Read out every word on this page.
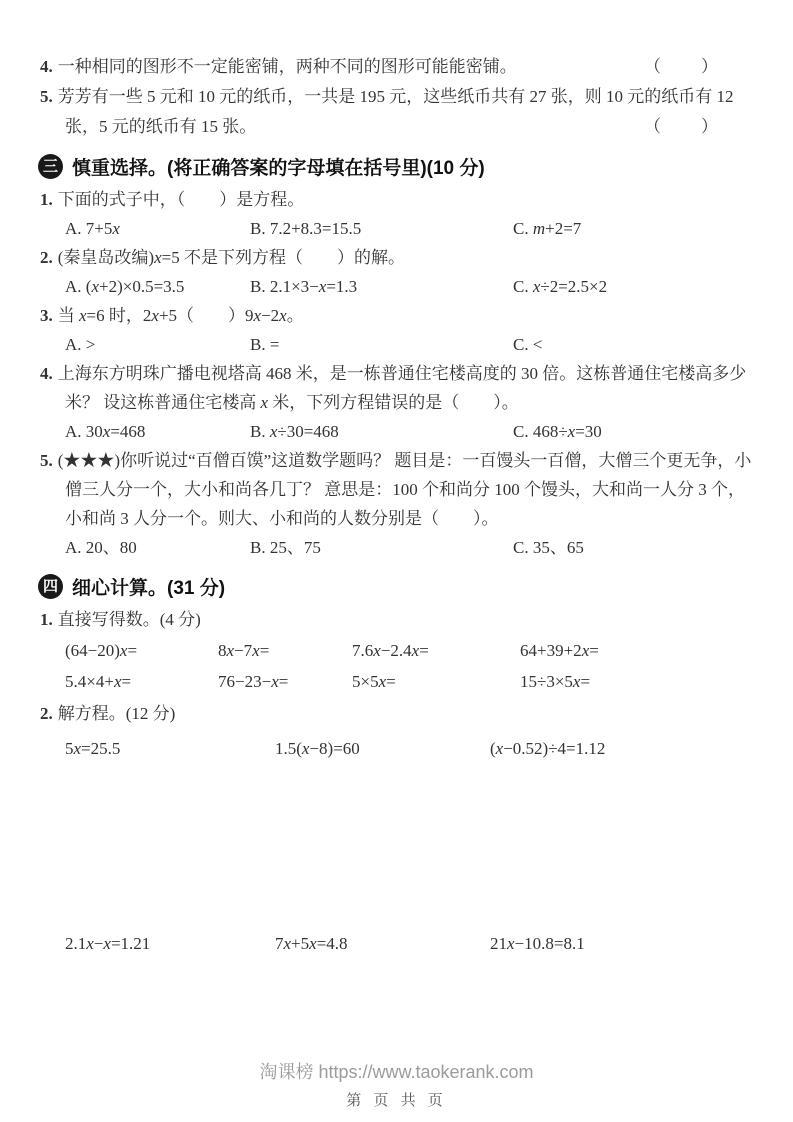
4. 一种相同的图形不一定能密铺，两种不同的图形可能能密铺。	（　　）
5. 芳芳有一些 5 元和 10 元的纸币，一共是 195 元，这些纸币共有 27 张，则 10 元的纸币有 12 张，5 元的纸币有 15 张。	（　　）
三 慎重选择。(将正确答案的字母填在括号里)(10 分)
1. 下面的式子中，（　　）是方程。
A. 7+5x	B. 7.2+8.3=15.5	C. m+2=7
2. (秦皇岛改编)x=5 不是下列方程（　　）的解。
A. (x+2)×0.5=3.5	B. 2.1×3−x=1.3	C. x÷2=2.5×2
3. 当 x=6 时，2x+5（　　）9x−2x。
A. >	B. =	C. <
4. 上海东方明珠广播电视塔高 468 米，是一栋普通住宅楼高度的 30 倍。这栋普通住宅楼高多少米？ 设这栋普通住宅楼高 x 米，下列方程错误的是（　　）。
A. 30x=468	B. x÷30=468	C. 468÷x=30
5. (★★★)你听说过“百僧百馍”这道数学题吗？ 题目是：一百馒头一百僧，大僧三个更无争，小僧三人分一个，大小和尚各几丁？ 意思是：100 个和尚分 100 个馒头，大和尚一人分 3 个，小和尚 3 人分一个。则大、小和尚的人数分别是（　　）。
A. 20、80	B. 25、75	C. 35、65
四 细心计算。(31 分)
1. 直接写得数。(4 分)
(64−20)x=	8x−7x=	7.6x−2.4x=	64+39+2x=
5.4×4+x=	76−23−x=	5×5x=	15÷3×5x=
2. 解方程。(12 分)
5x=25.5	1.5(x−8)=60	(x−0.52)÷4=1.12
2.1x−x=1.21	7x+5x=4.8	21x−10.8=8.1
淘课榜 https://www.taokerank.com
第 页 共 页
